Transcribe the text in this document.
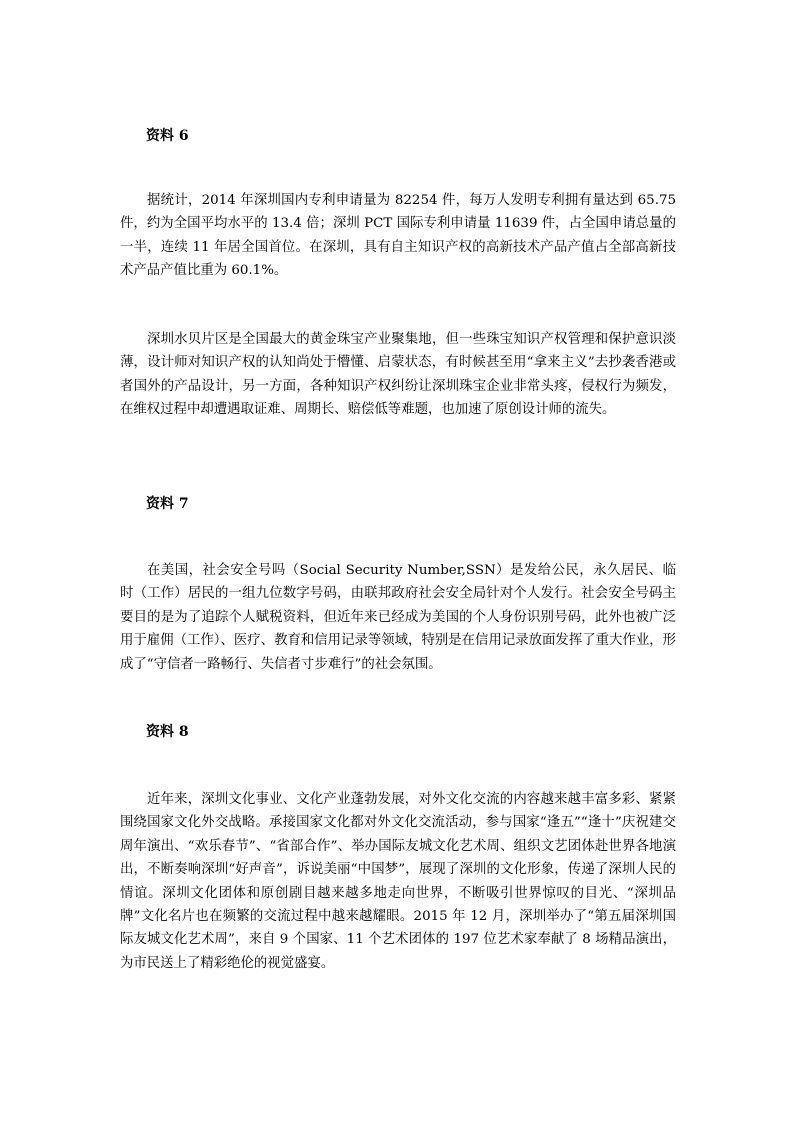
资料 6

据统计，2014 年深圳国内专利申请量为 82254 件，每万人发明专利拥有量达到 65.75 件，约为全国平均水平的 13.4 倍；深圳 PCT 国际专利申请量 11639 件，占全国申请总量的一半，连续 11 年居全国首位。在深圳，具有自主知识产权的高新技术产品产值占全部高新技术产品产值比重为 60.1%。

深圳水贝片区是全国最大的黄金珠宝产业聚集地，但一些珠宝知识产权管理和保护意识淡薄，设计师对知识产权的认知尚处于懵懂、启蒙状态，有时候甚至用“拿来主义”去抄袭香港或者国外的产品设计，另一方面，各种知识产权纠纷让深圳珠宝企业非常头疼，侵权行为频发，在维权过程中却遭遇取证难、周期长、赔偿低等难题，也加速了原创设计师的流失。

资料 7

在美国，社会安全号吗（Social Security Number,SSN）是发给公民，永久居民、临时（工作）居民的一组九位数字号码，由联邦政府社会安全局针对个人发行。社会安全号码主要目的是为了追踪个人赋税资料，但近年来已经成为美国的个人身份识别号码，此外也被广泛用于雇佣（工作）、医疗、教育和信用记录等领域，特别是在信用记录放面发挥了重大作业，形成了“守信者一路畅行、失信者寸步难行”的社会氛围。

资料 8

近年来，深圳文化事业、文化产业蓬勃发展，对外文化交流的内容越来越丰富多彩、紧紧围绕国家文化外交战略。承接国家文化都对外文化交流活动，参与国家“逢五”“逢十”庆祝建交周年演出、“欢乐春节”、“省部合作”、举办国际友城文化艺术周、组织文艺团体赴世界各地演出，不断奏响深圳“好声音”，诉说美丽“中国梦”，展现了深圳的文化形象，传递了深圳人民的情谊。深圳文化团体和原创剧目越来越多地走向世界，不断吸引世界惊叹的目光、“深圳品牌”文化名片也在频繁的交流过程中越来越耀眼。2015 年 12 月，深圳举办了“第五届深圳国际友城文化艺术周”，来自 9 个国家、11 个艺术团体的 197 位艺术家奉献了 8 场精品演出，为市民送上了精彩绝伦的视觉盛宴。
